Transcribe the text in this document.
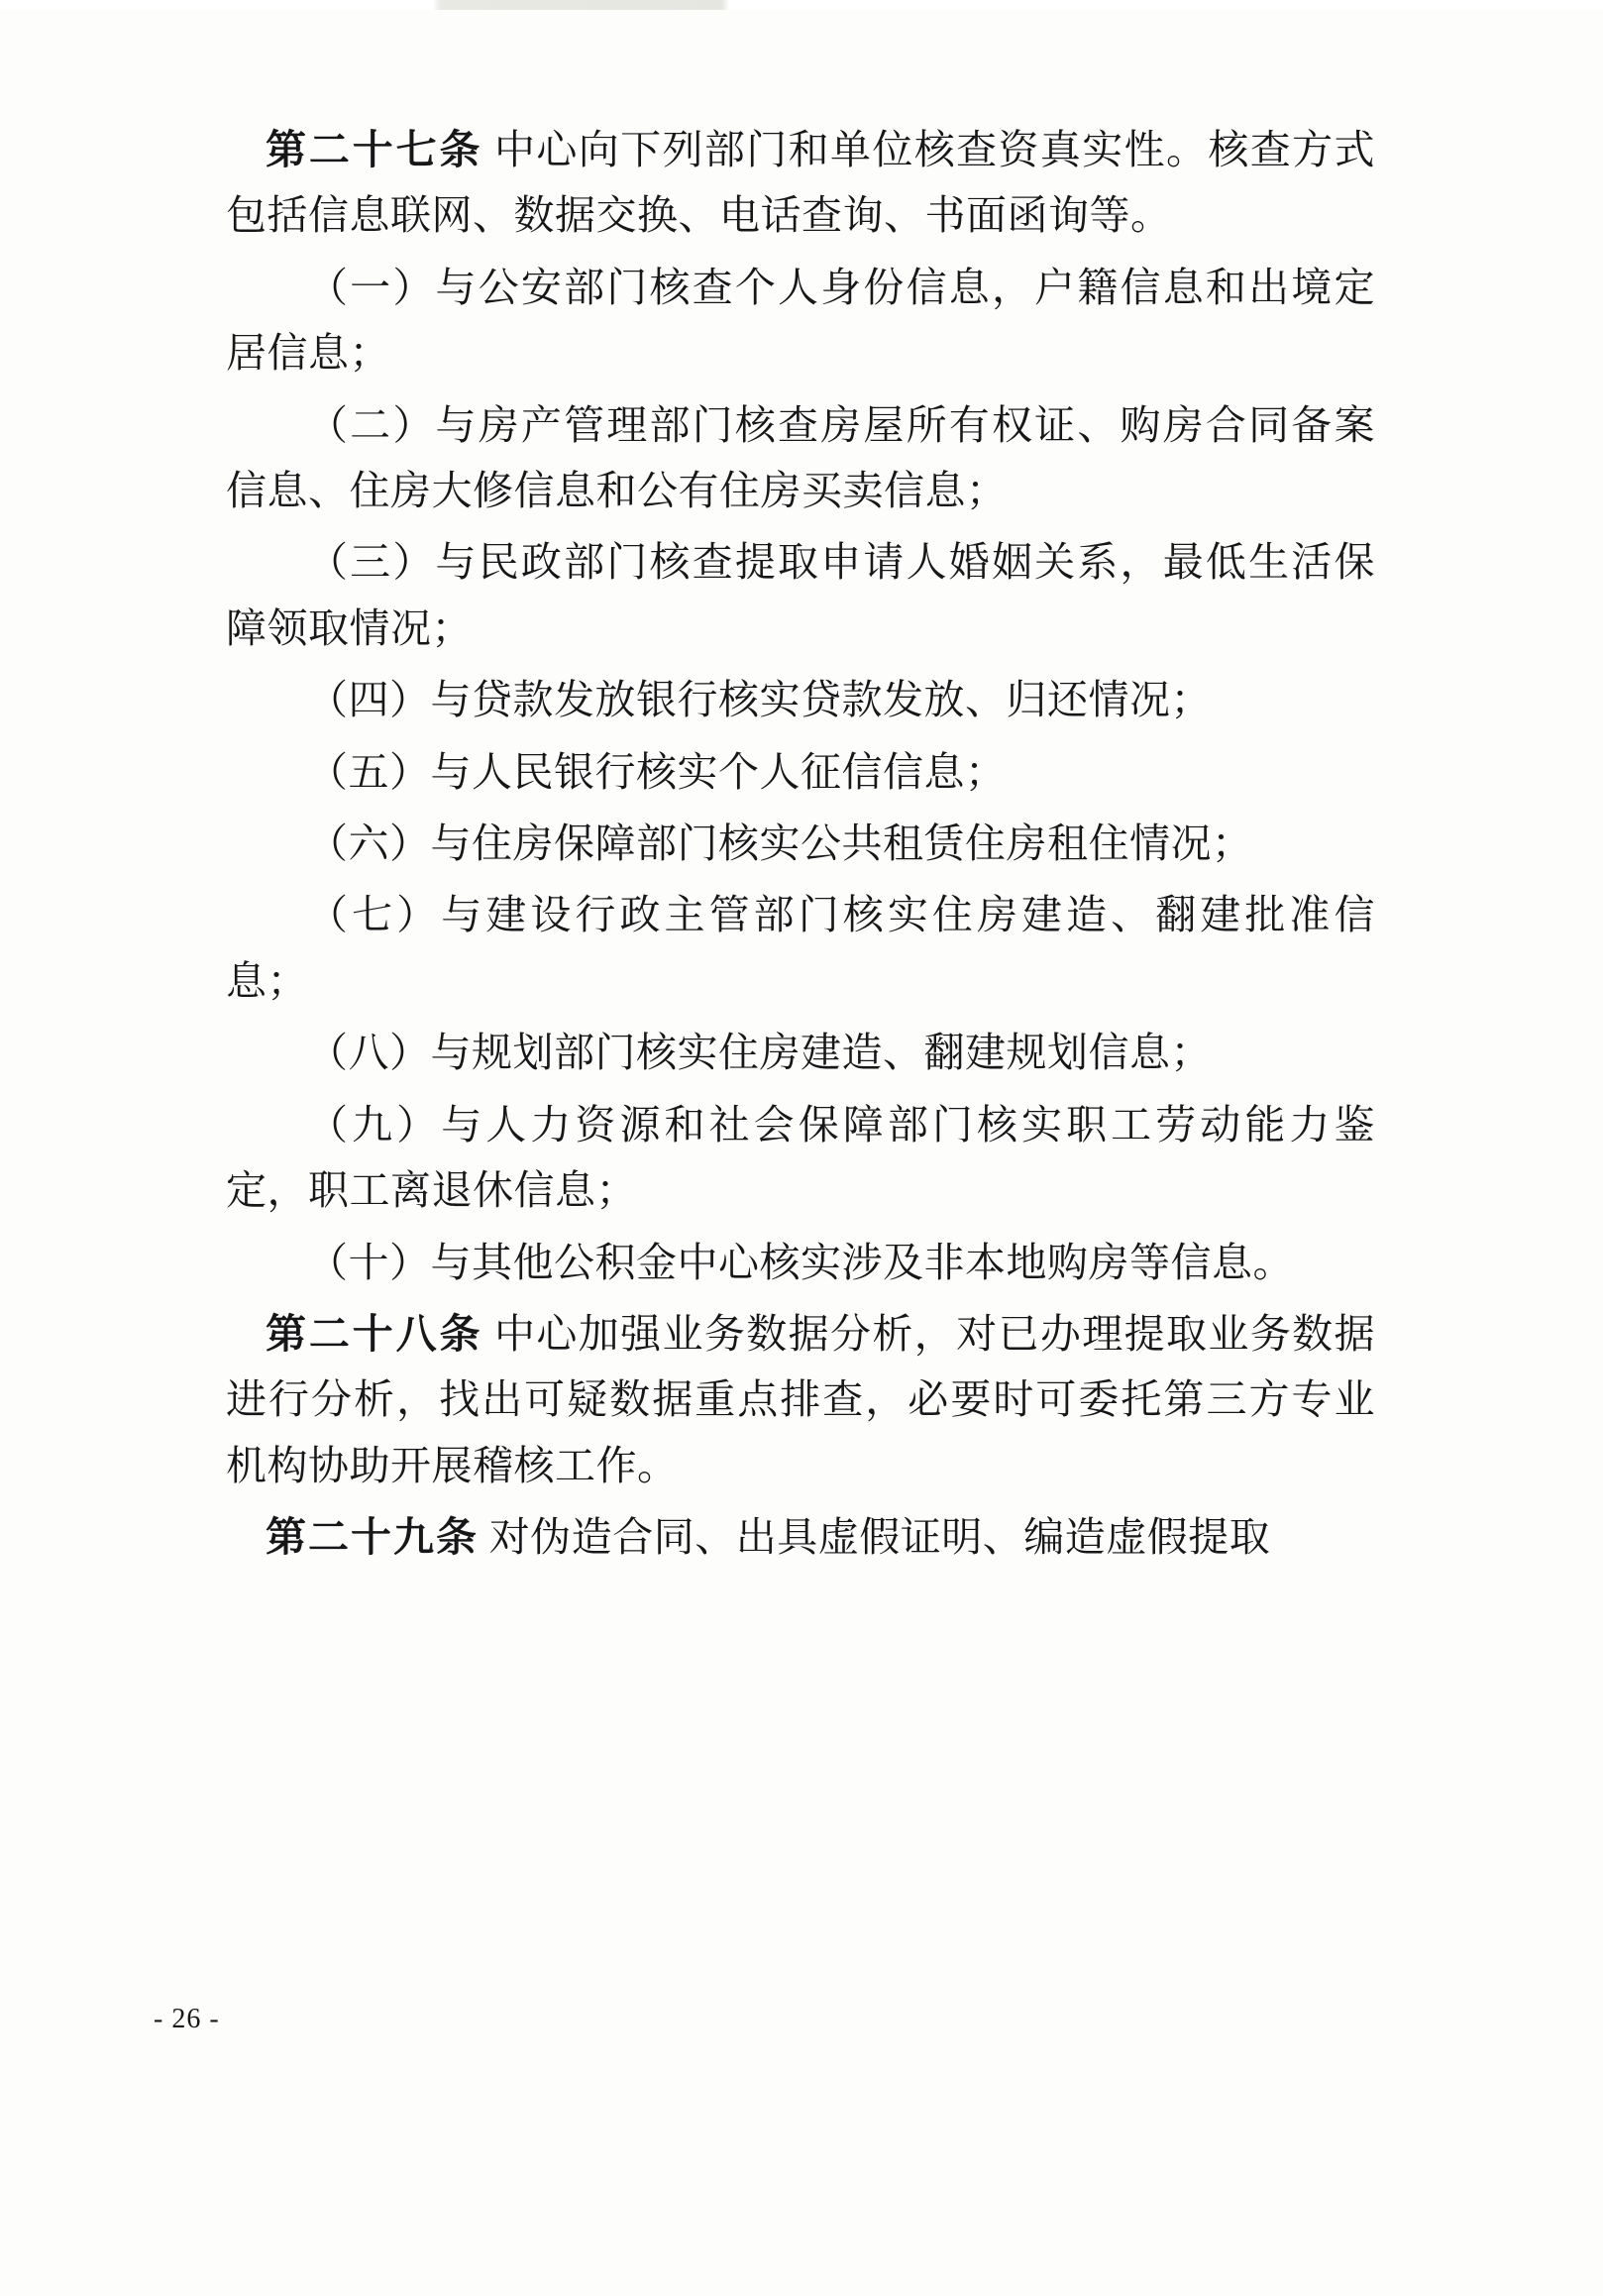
第二十七条 中心向下列部门和单位核查资真实性。核查方式包括信息联网、数据交换、电话查询、书面函询等。

（一）与公安部门核查个人身份信息，户籍信息和出境定居信息；

（二）与房产管理部门核查房屋所有权证、购房合同备案信息、住房大修信息和公有住房买卖信息；

（三）与民政部门核查提取申请人婚姻关系，最低生活保障领取情况；

（四）与贷款发放银行核实贷款发放、归还情况；

（五）与人民银行核实个人征信信息；

（六）与住房保障部门核实公共租赁住房租住情况；

（七）与建设行政主管部门核实住房建造、翻建批准信息；

（八）与规划部门核实住房建造、翻建规划信息；

（九）与人力资源和社会保障部门核实职工劳动能力鉴定，职工离退休信息；

（十）与其他公积金中心核实涉及非本地购房等信息。

第二十八条 中心加强业务数据分析，对已办理提取业务数据进行分析，找出可疑数据重点排查，必要时可委托第三方专业机构协助开展稽核工作。

第二十九条 对伪造合同、出具虚假证明、编造虚假提取

- 26 -
